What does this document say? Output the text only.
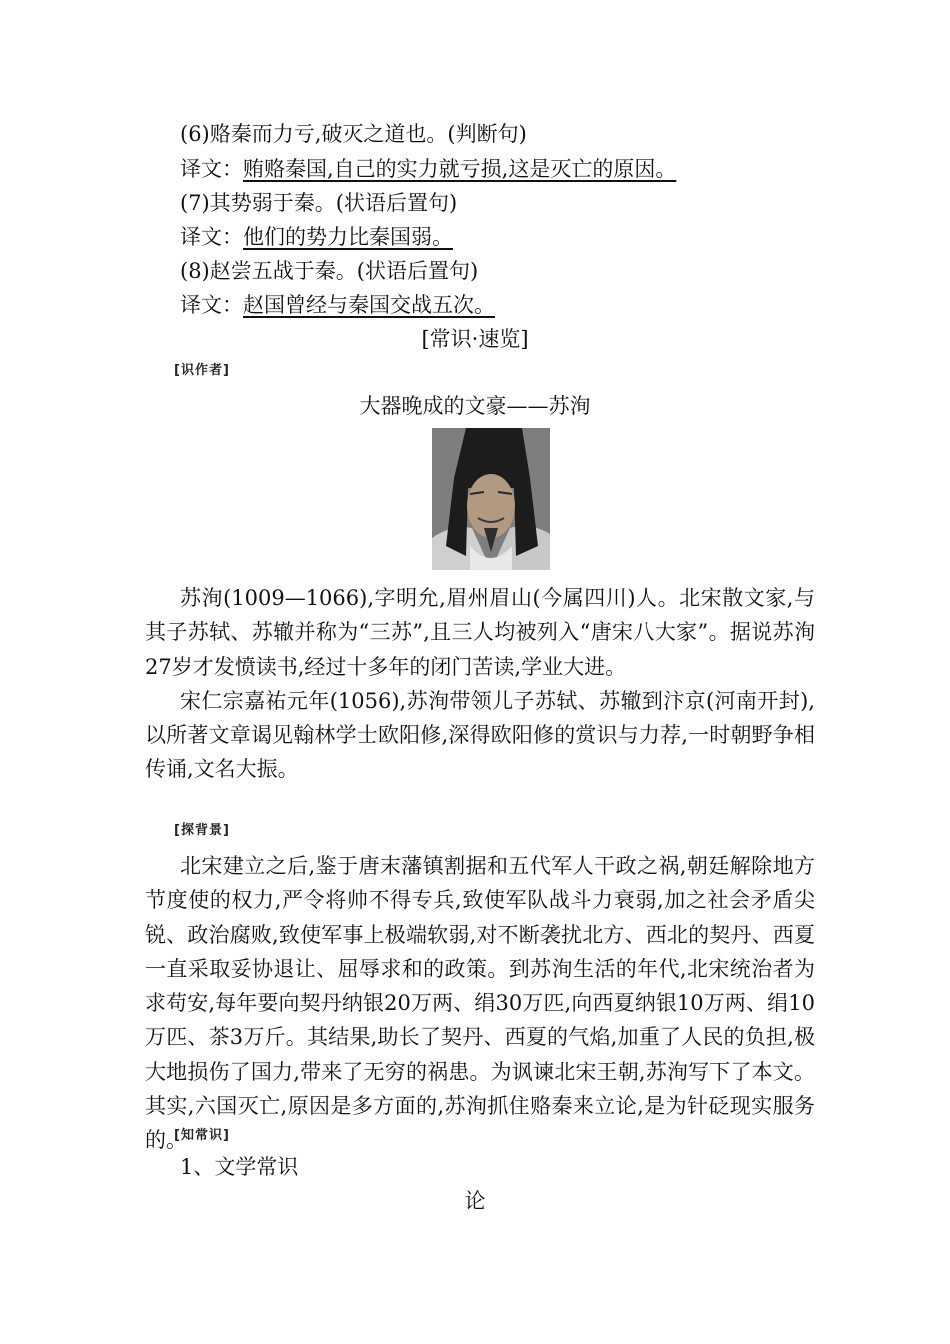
(6)赂秦而力亏,破灭之道也。(判断句)
译文：贿赂秦国,自己的实力就亏损,这是灭亡的原因。
(7)其势弱于秦。(状语后置句)
译文：他们的势力比秦国弱。
(8)赵尝五战于秦。(状语后置句)
译文：赵国曾经与秦国交战五次。
[常识·速览]
[识作者]
大器晚成的文豪——苏洵

苏洵(1009—1066),字明允,眉州眉山(今属四川)人。北宋散文家,与其子苏轼、苏辙并称为“三苏”,且三人均被列入“唐宋八大家”。据说苏洵27岁才发愤读书,经过十多年的闭门苦读,学业大进。

宋仁宗嘉祐元年(1056),苏洵带领儿子苏轼、苏辙到汴京(河南开封),以所著文章谒见翰林学士欧阳修,深得欧阳修的赏识与力荐,一时朝野争相传诵,文名大振。

[探背景]

北宋建立之后,鉴于唐末藩镇割据和五代军人干政之祸,朝廷解除地方节度使的权力,严令将帅不得专兵,致使军队战斗力衰弱,加之社会矛盾尖锐、政治腐败,致使军事上极端软弱,对不断袭扰北方、西北的契丹、西夏一直采取妥协退让、屈辱求和的政策。到苏洵生活的年代,北宋统治者为求苟安,每年要向契丹纳银20万两、绢30万匹,向西夏纳银10万两、绢10万匹、茶3万斤。其结果,助长了契丹、西夏的气焰,加重了人民的负担,极大地损伤了国力,带来了无穷的祸患。为讽谏北宋王朝,苏洵写下了本文。其实,六国灭亡,原因是多方面的,苏洵抓住赂秦来立论,是为针砭现实服务的。

[知常识]
1、文学常识
论
